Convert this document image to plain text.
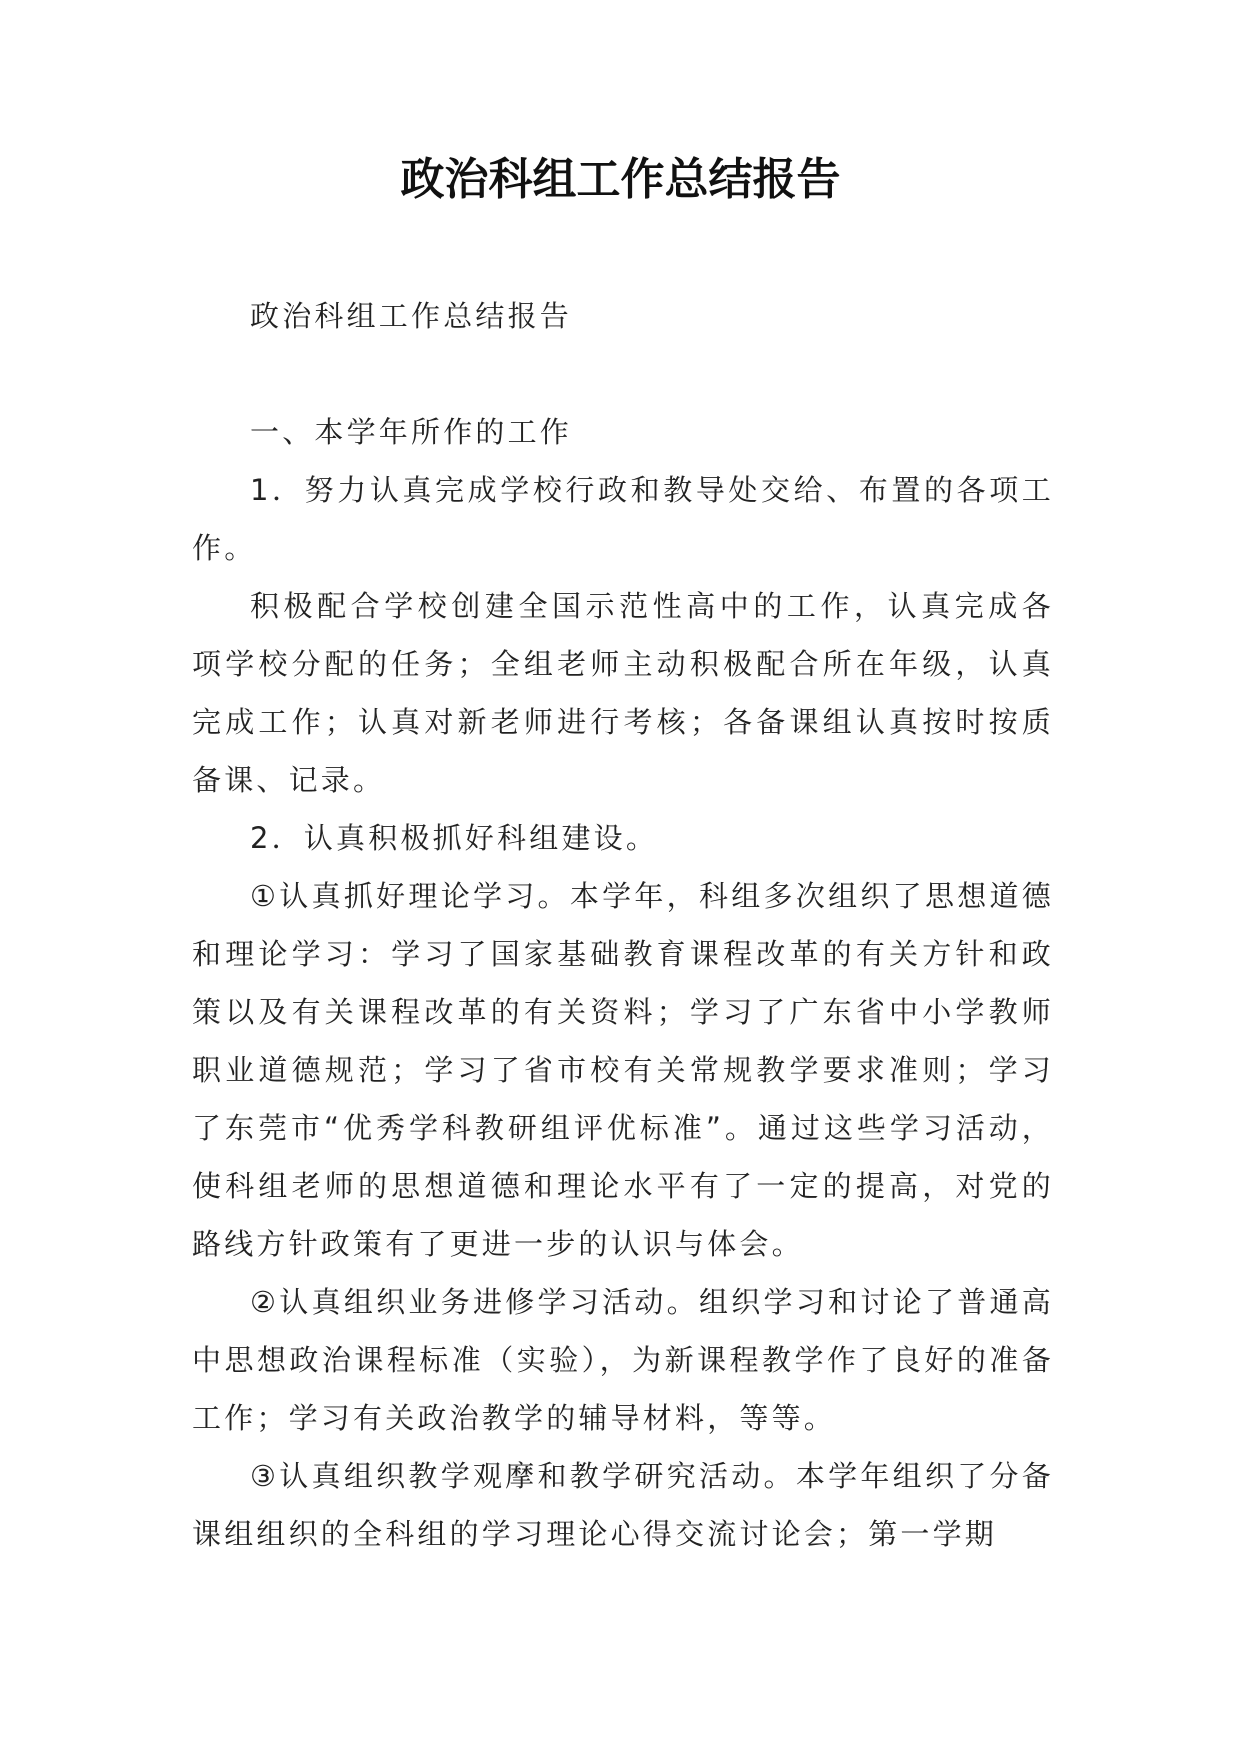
政治科组工作总结报告

政治科组工作总结报告

一、本学年所作的工作

1．努力认真完成学校行政和教导处交给、布置的各项工作。

积极配合学校创建全国示范性高中的工作，认真完成各项学校分配的任务；全组老师主动积极配合所在年级，认真完成工作；认真对新老师进行考核；各备课组认真按时按质备课、记录。

2．认真积极抓好科组建设。

①认真抓好理论学习。本学年，科组多次组织了思想道德和理论学习：学习了国家基础教育课程改革的有关方针和政策以及有关课程改革的有关资料；学习了广东省中小学教师职业道德规范；学习了省市校有关常规教学要求准则；学习了东莞市“优秀学科教研组评优标准”。通过这些学习活动，使科组老师的思想道德和理论水平有了一定的提高，对党的路线方针政策有了更进一步的认识与体会。

②认真组织业务进修学习活动。组织学习和讨论了普通高中思想政治课程标准（实验），为新课程教学作了良好的准备工作；学习有关政治教学的辅导材料，等等。

③认真组织教学观摩和教学研究活动。本学年组织了分备课组组织的全科组的学习理论心得交流讨论会；第一学期
